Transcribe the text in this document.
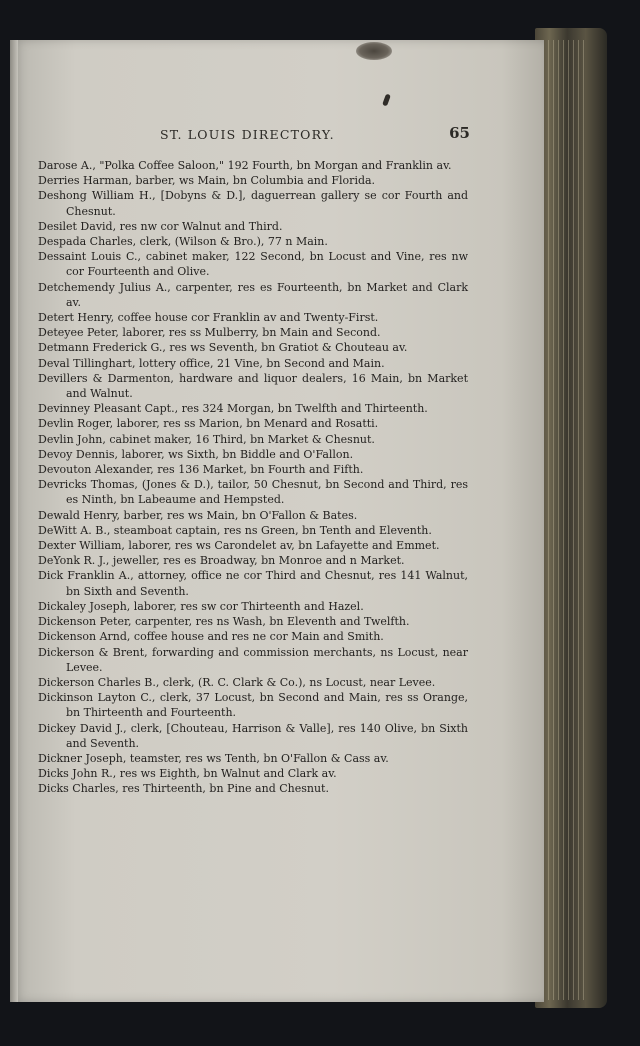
ST. LOUIS DIRECTORY.	65

Darose A., "Polka Coffee Saloon," 192 Fourth, bn Morgan and Franklin av.

Derries Harman, barber, ws Main, bn Columbia and Florida.

Deshong William H., [Dobyns & D.], daguerrean gallery se cor Fourth and Chesnut.

Desilet David, res nw cor Walnut and Third.

Despada Charles, clerk, (Wilson & Bro.), 77 n Main.

Dessaint Louis C., cabinet maker, 122 Second, bn Locust and Vine, res nw cor Fourteenth and Olive.

Detchemendy Julius A., carpenter, res es Fourteenth, bn Market and Clark av.

Detert Henry, coffee house cor Franklin av and Twenty-First.

Deteyee Peter, laborer, res ss Mulberry, bn Main and Second.

Detmann Frederick G., res ws Seventh, bn Gratiot & Chouteau av.

Deval Tillinghart, lottery office, 21 Vine, bn Second and Main.

Devillers & Darmenton, hardware and liquor dealers, 16 Main, bn Market and Walnut.

Devinney Pleasant Capt., res 324 Morgan, bn Twelfth and Thirteenth.

Devlin Roger, laborer, res ss Marion, bn Menard and Rosatti.

Devlin John, cabinet maker, 16 Third, bn Market & Chesnut.

Devoy Dennis, laborer, ws Sixth, bn Biddle and O'Fallon.

Devouton Alexander, res 136 Market, bn Fourth and Fifth.

Devricks Thomas, (Jones & D.), tailor, 50 Chesnut, bn Second and Third, res es Ninth, bn Labeaume and Hempsted.

Dewald Henry, barber, res ws Main, bn O'Fallon & Bates.

DeWitt A. B., steamboat captain, res ns Green, bn Tenth and Eleventh.

Dexter William, laborer, res ws Carondelet av, bn Lafayette and Emmet.

DeYonk R. J., jeweller, res es Broadway, bn Monroe and n Market.

Dick Franklin A., attorney, office ne cor Third and Chesnut, res 141 Walnut, bn Sixth and Seventh.

Dickaley Joseph, laborer, res sw cor Thirteenth and Hazel.

Dickenson Peter, carpenter, res ns Wash, bn Eleventh and Twelfth.

Dickenson Arnd, coffee house and res ne cor Main and Smith.

Dickerson & Brent, forwarding and commission merchants, ns Locust, near Levee.

Dickerson Charles B., clerk, (R. C. Clark & Co.), ns Locust, near Levee.

Dickinson Layton C., clerk, 37 Locust, bn Second and Main, res ss Orange, bn Thirteenth and Fourteenth.

Dickey David J., clerk, [Chouteau, Harrison & Valle], res 140 Olive, bn Sixth and Seventh.

Dickner Joseph, teamster, res ws Tenth, bn O'Fallon & Cass av.

Dicks John R., res ws Eighth, bn Walnut and Clark av.

Dicks Charles, res Thirteenth, bn Pine and Chesnut.
